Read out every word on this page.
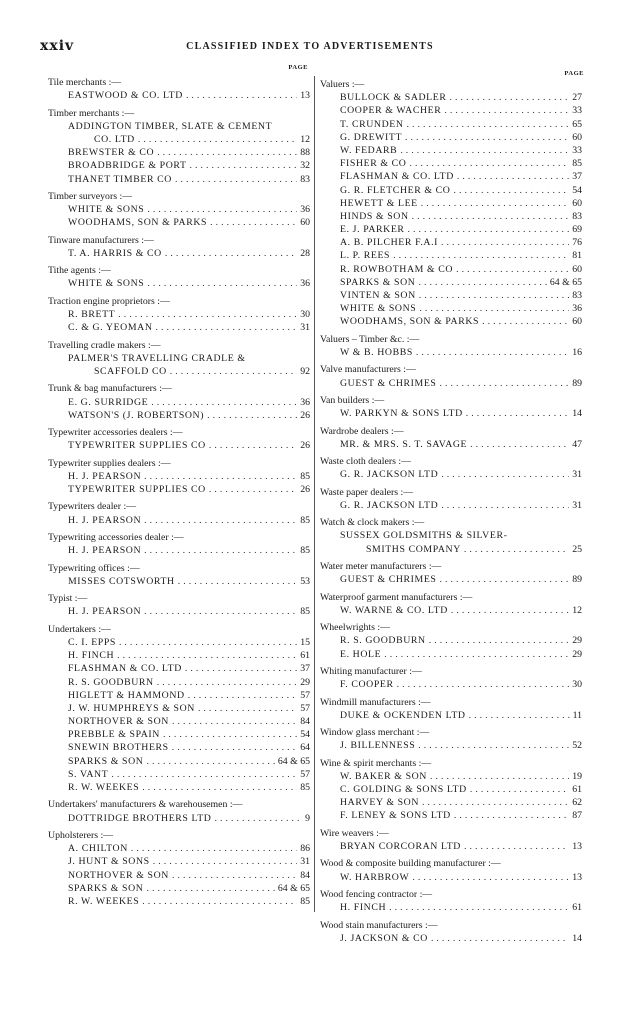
xxiv	CLASSIFIED INDEX TO ADVERTISEMENTS
PAGE
Tile merchants :—
EASTWOOD & CO. LTD . . .	13
Timber merchants :—
ADDINGTON TIMBER, SLATE & CEMENT
CO. LTD . . .	12
BREWSTER & CO . . .	88
BROADBRIDGE & PORT . . .	32
THANET TIMBER CO . . .	83
Timber surveyors :—
WHITE & SONS . . .	36
WOODHAMS, SON & PARKS . . .	60
Tinware manufacturers :—
T. A. HARRIS & CO . . .	28
Tithe agents :—
WHITE & SONS . . .	36
Traction engine proprietors :—
R. BRETT . . .	30
C. & G. YEOMAN . . .	31
Travelling cradle makers :—
PALMER'S TRAVELLING CRADLE &
SCAFFOLD CO . . .	92
Trunk & bag manufacturers :—
E. G. SURRIDGE . . .	36
WATSON'S (J. ROBERTSON) . . .	26
Typewriter accessories dealers :—
TYPEWRITER SUPPLIES CO . . .	26
Typewriter supplies dealers :—
H. J. PEARSON . . .	85
TYPEWRITER SUPPLIES CO . . .	26
Typewriters dealer :—
H. J. PEARSON . . .	85
Typewriting accessories dealer :—
H. J. PEARSON . . .	85
Typewriting offices :—
MISSES COTSWORTH . . .	53
Typist :—
H. J. PEARSON . . .	85
Undertakers :—
C. I. EPPS . . .	15
H. FINCH . . .	61
FLASHMAN & CO. LTD . . .	37
R. S. GOODBURN . . .	29
HIGLETT & HAMMOND . . .	57
J. W. HUMPHREYS & SON . . .	57
NORTHOVER & SON . . .	84
PREBBLE & SPAIN . . .	54
SNEWIN BROTHERS . . .	64
SPARKS & SON . . .	64 & 65
S. VANT . . .	57
R. W. WEEKES . . .	85
Undertakers' manufacturers & warehousemen :—
DOTTRIDGE BROTHERS LTD . . .	9
Upholsterers :—
A. CHILTON . . .	86
J. HUNT & SONS . . .	31
NORTHOVER & SON . . .	84
SPARKS & SON . . .	64 & 65
R. W. WEEKES . . .	85
PAGE
Valuers :—
BULLOCK & SADLER . . .	27
COOPER & WACHER . . .	33
T. CRUNDEN . . .	65
G. DREWITT . . .	60
W. FEDARB . . .	33
FISHER & CO . . .	85
FLASHMAN & CO. LTD . . .	37
G. R. FLETCHER & CO . . .	54
HEWETT & LEE . . .	60
HINDS & SON . . .	83
E. J. PARKER . . .	69
A. B. PILCHER F.A.I . . .	76
L. P. REES . . .	81
R. ROWBOTHAM & CO . . .	60
SPARKS & SON . . .	64 & 65
VINTEN & SON . . .	83
WHITE & SONS . . .	36
WOODHAMS, SON & PARKS . . .	60
Valuers – Timber &c. :—
W & B. HOBBS . . .	16
Valve manufacturers :—
GUEST & CHRIMES . . .	89
Van builders :—
W. PARKYN & SONS LTD . . .	14
Wardrobe dealers :—
MR. & MRS. S. T. SAVAGE . . .	47
Waste cloth dealers :—
G. R. JACKSON LTD . . .	31
Waste paper dealers :—
G. R. JACKSON LTD . . .	31
Watch & clock makers :—
SUSSEX GOLDSMITHS & SILVER-
SMITHS COMPANY . . .	25
Water meter manufacturers :—
GUEST & CHRIMES . . .	89
Waterproof garment manufacturers :—
W. WARNE & CO. LTD . . .	12
Wheelwrights :—
R. S. GOODBURN . . .	29
E. HOLE . . .	29
Whiting manufacturer :—
F. COOPER . . .	30
Windmill manufacturers :—
DUKE & OCKENDEN LTD . . .	11
Window glass merchant :—
J. BILLENNESS . . .	52
Wine & spirit merchants :—
W. BAKER & SON . . .	19
C. GOLDING & SONS LTD . . .	61
HARVEY & SON . . .	62
F. LENEY & SONS LTD . . .	87
Wire weavers :—
BRYAN CORCORAN LTD . . .	13
Wood & composite building manufacturer :—
W. HARBROW . . .	13
Wood fencing contractor :—
H. FINCH . . .	61
Wood stain manufacturers :—
J. JACKSON & CO . . .	14
